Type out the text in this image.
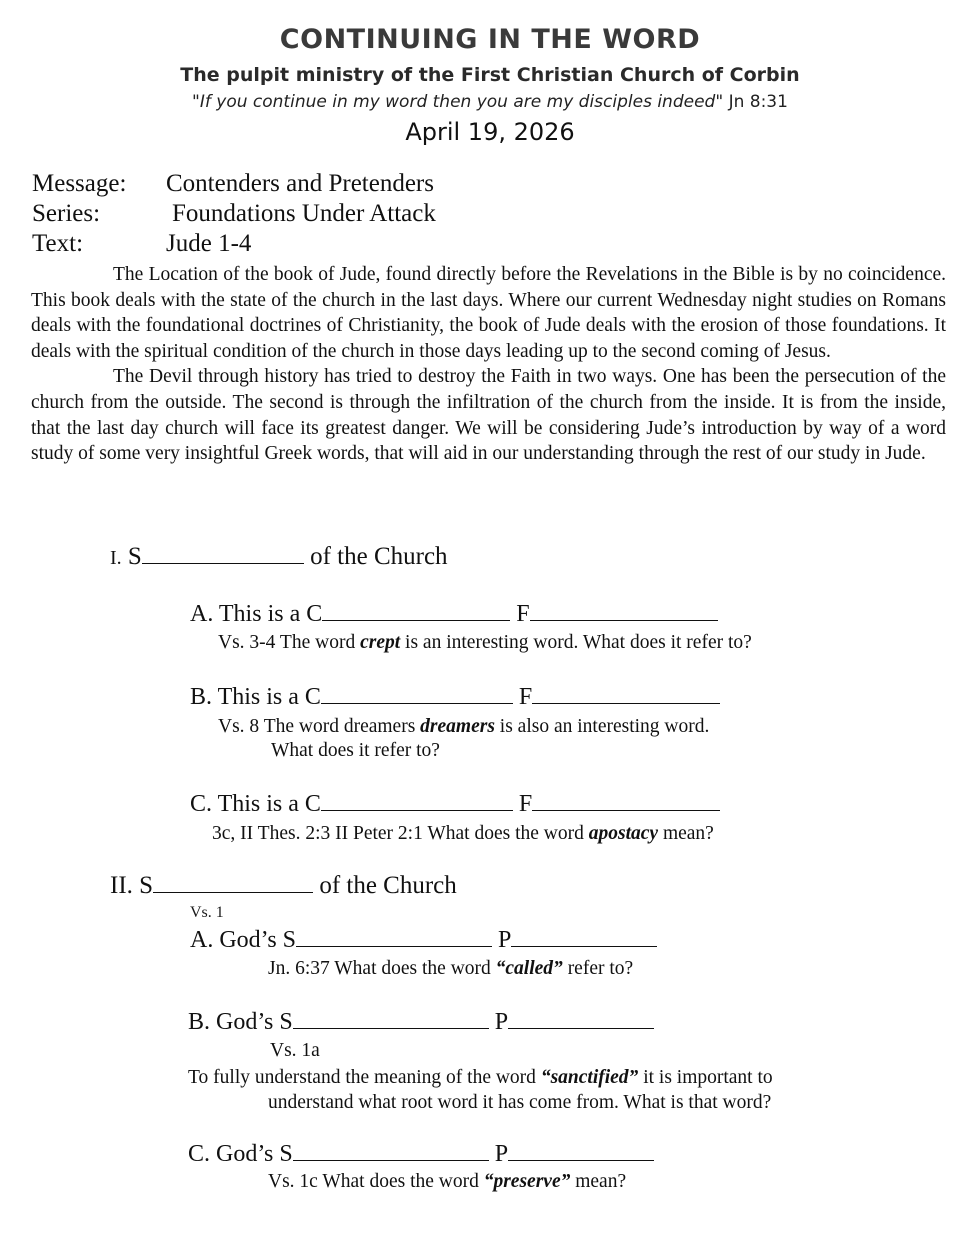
CONTINUING IN THE WORD
The pulpit ministry of the First Christian Church of Corbin
"If you continue in my word then you are my disciples indeed" Jn 8:31
April 19, 2026
Message: Contenders and Pretenders
Series:	Foundations Under Attack
Text:	Jude 1-4

The Location of the book of Jude, found directly before the Revelations in the Bible is by no coincidence. This book deals with the state of the church in the last days. Where our current Wednesday night studies on Romans deals with the foundational doctrines of Christianity, the book of Jude deals with the erosion of those foundations. It deals with the spiritual condition of the church in those days leading up to the second coming of Jesus.

The Devil through history has tried to destroy the Faith in two ways. One has been the persecution of the church from the outside. The second is through the infiltration of the church from the inside. It is from the inside, that the last day church will face its greatest danger. We will be considering Jude’s introduction by way of a word study of some very insightful Greek words, that will aid in our understanding through the rest of our study in Jude.

I. S	of the Church
A. This is a C	F
Vs. 3-4 The word crept is an interesting word. What does it refer to?
B. This is a C	F
Vs. 8 The word dreamers dreamers is also an interesting word.
What does it refer to?
C. This is a C	F
3c, II Thes. 2:3 II Peter 2:1 What does the word apostacy mean?
II. S	of the Church
Vs. 1
A. God’s S	P
Jn. 6:37 What does the word “called” refer to?
B. God’s S	P
Vs. 1a
To fully understand the meaning of the word “sanctified” it is important to
understand what root word it has come from. What is that word?
C. God’s S	P
Vs. 1c What does the word “preserve” mean?
